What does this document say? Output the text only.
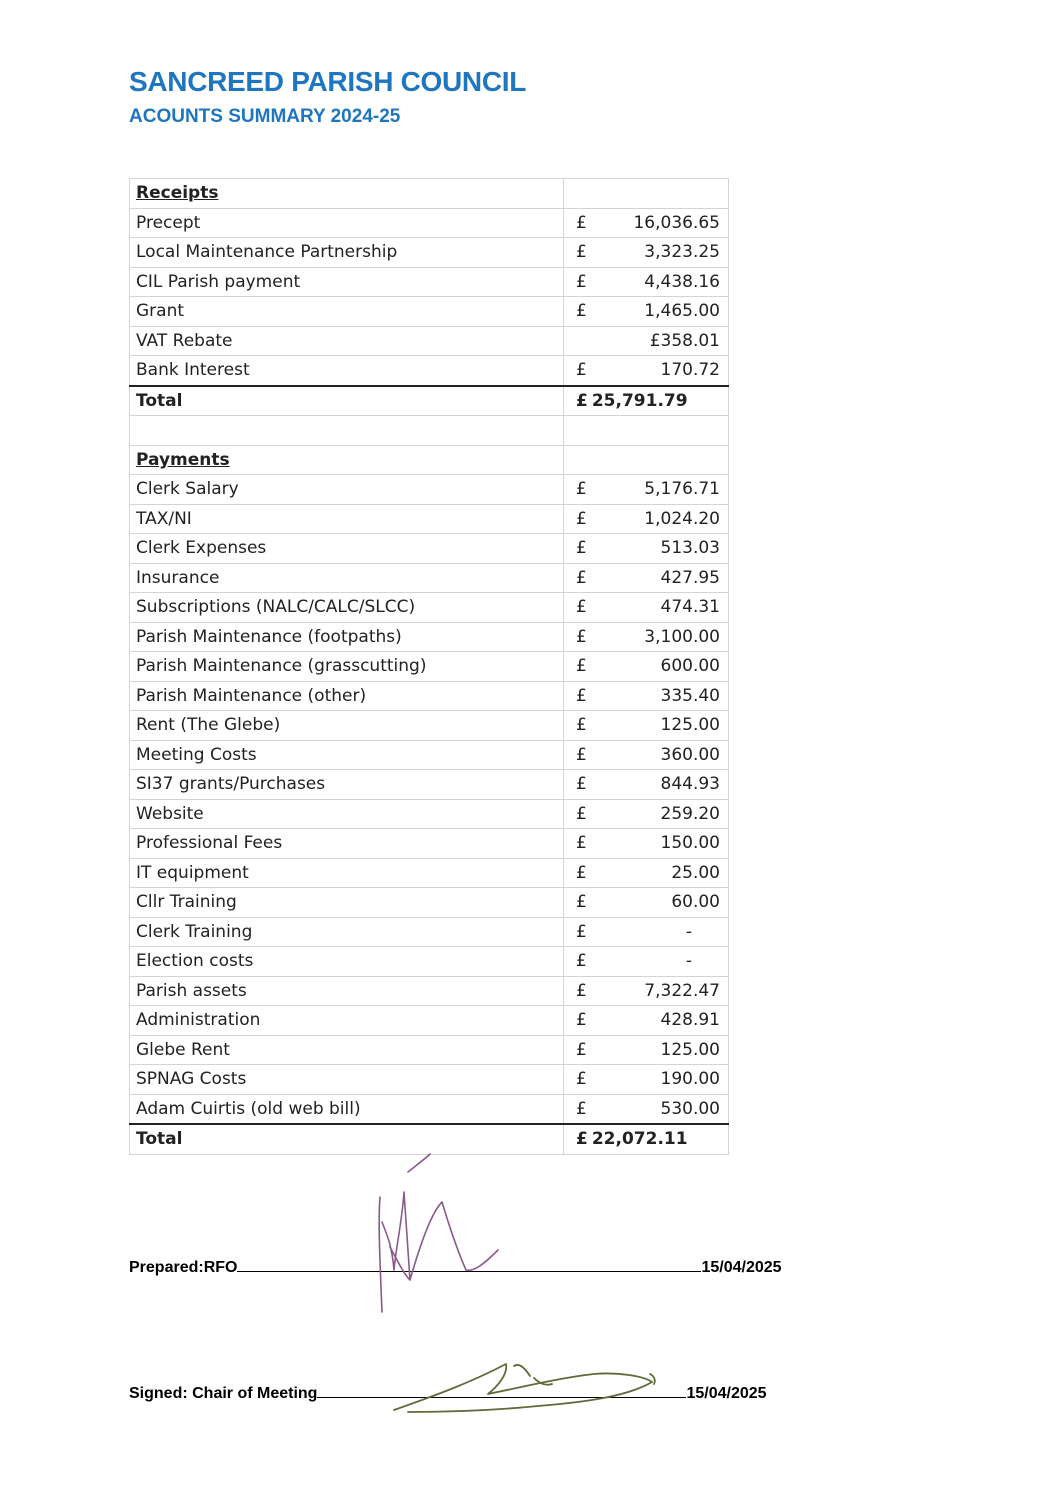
SANCREED PARISH COUNCIL
ACOUNTS SUMMARY 2024-25
Receipts	
Precept	£ 16,036.65

Local Maintenance Partnership	£ 3,323.25

CIL Parish payment	£ 4,438.16

Grant	£ 1,465.00

VAT Rebate	£358.01

Bank Interest	£ 170.72

Total	£ 25,791.79

Payments	
Clerk Salary	£ 5,176.71

TAX/NI	£ 1,024.20

Clerk Expenses	£ 513.03

Insurance	£ 427.95

Subscriptions (NALC/CALC/SLCC)	£ 474.31

Parish Maintenance (footpaths)	£ 3,100.00

Parish Maintenance (grasscutting)	£ 600.00

Parish Maintenance (other)	£ 335.40

Rent (The Glebe)	£ 125.00

Meeting Costs	£ 360.00

SI37 grants/Purchases	£ 844.93

Website	£ 259.20

Professional Fees	£ 150.00

IT equipment	£ 25.00

Cllr Training	£ 60.00

Clerk Training	£ -

Election costs	£ -

Parish assets	£ 7,322.47

Administration	£ 428.91

Glebe Rent	£ 125.00

SPNAG Costs	£ 190.00

Adam Cuirtis (old web bill)	£ 530.00

Total	£ 22,072.11
Prepared:RFO	15/04/2025
Signed: Chair of Meeting	15/04/2025
